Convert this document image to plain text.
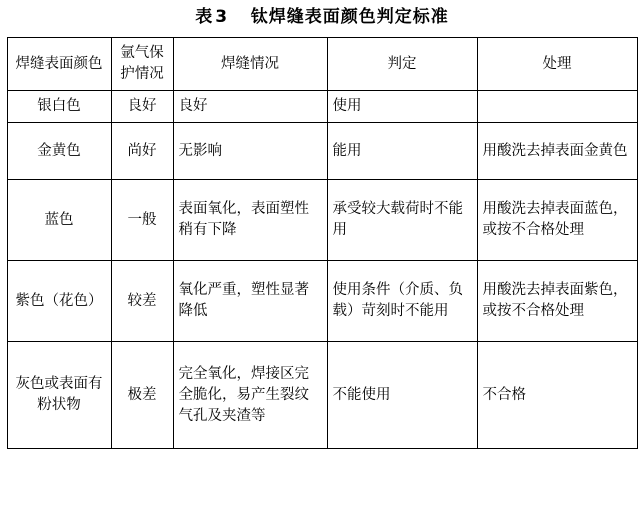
表 3 钛焊缝表面颜色判定标准
焊缝表面颜色	氩气保护情况	焊缝情况	判定	处理
银白色	良好	良好	使用	
金黄色	尚好	无影响	能用	用酸洗去掉表面金黄色
蓝色	一般	表面氧化，表面塑性稍有下降	承受较大载荷时不能用	用酸洗去掉表面蓝色，或按不合格处理
紫色（花色）	较差	氧化严重，塑性显著降低	使用条件（介质、负载）苛刻时不能用	用酸洗去掉表面紫色，或按不合格处理
灰色或表面有粉状物	极差	完全氧化，焊接区完全脆化，易产生裂纹气孔及夹渣等	不能使用	不合格
